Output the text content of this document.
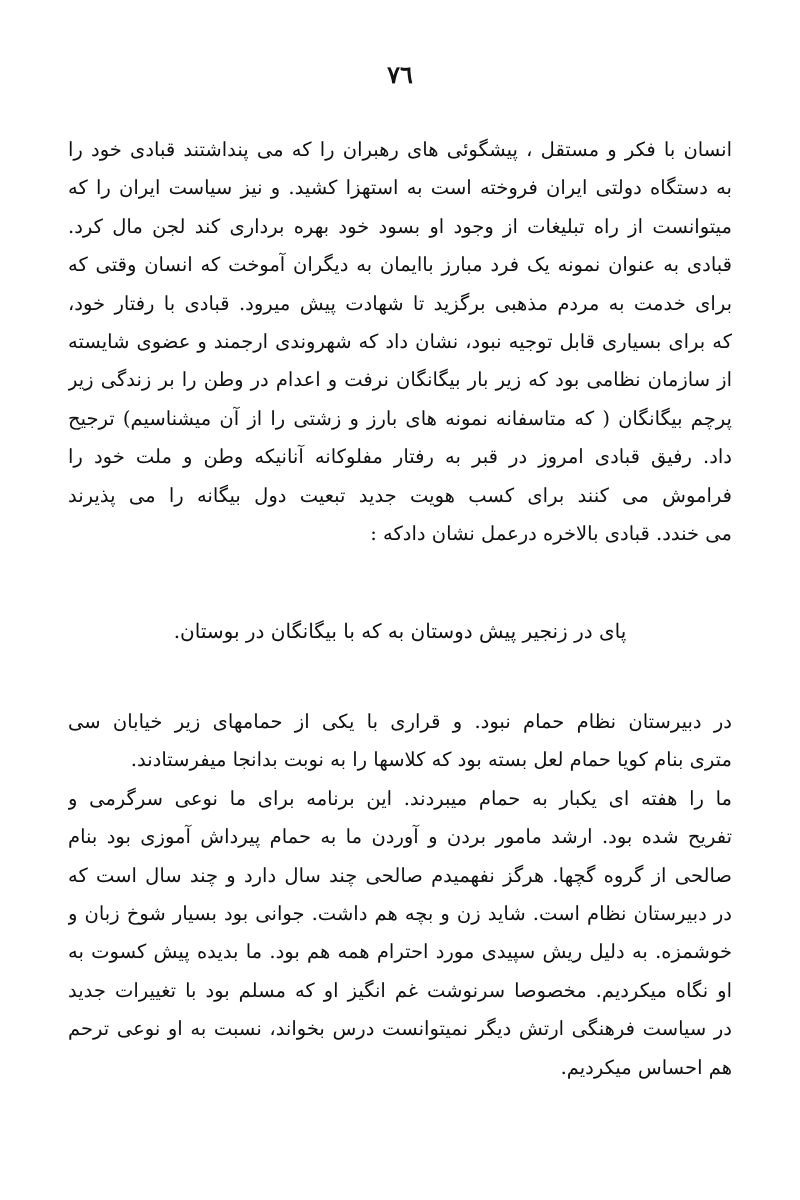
٧٦
انسان با فکر و مستقل ، پیشگوئی های رهبران را که می پنداشتند قبادی خود را
به دستگاه دولتی ایران فروخته است به استهزا کشید. و نیز سیاست ایران را که
میتوانست از راه تبلیغات از وجود او بسود خود بهره برداری کند لجن مال کرد.
قبادی به عنوان نمونه یک فرد مبارز باایمان به دیگران آموخت که انسان وقتی که
برای خدمت به مردم مذهبی برگزید تا شهادت پیش میرود. قبادی با رفتار خود،
که برای بسیاری قابل توجیه نبود، نشان داد که شهروندی ارجمند و عضوی شایسته
از سازمان نظامی بود که زیر بار بیگانگان نرفت و اعدام در وطن را بر زندگی زیر
پرچم بیگانگان ( که متاسفانه نمونه های بارز و زشتی را از آن میشناسیم) ترجیح
داد. رفیق قبادی امروز در قبر به رفتار مفلوکانه آنانیکه وطن و ملت خود را
فراموش می کنند برای کسب هویت جدید تبعیت دول بیگانه را می پذیرند
می خندد. قبادی بالاخره درعمل نشان دادکه :
پای در زنجیر پیش دوستان به که با بیگانگان در بوستان.
در دبیرستان نظام حمام نبود. و قراری با یکی از حمامهای زیر خیابان سی
متری بنام کویا حمام لعل بسته بود که کلاسها را به نوبت بدانجا میفرستادند.
ما را هفته ای یکبار به حمام میبردند. این برنامه برای ما نوعی سرگرمی و
تفریح شده بود. ارشد مامور بردن و آوردن ما به حمام پیرداش آموزی بود بنام
صالحی از گروه گچها. هرگز نفهمیدم صالحی چند سال دارد و چند سال است که
در دبیرستان نظام است. شاید زن و بچه هم داشت. جوانی بود بسیار شوخ زبان و
خوشمزه. به دلیل ریش سپیدی مورد احترام همه هم بود. ما بدیده پیش کسوت به
او نگاه میکردیم. مخصوصا سرنوشت غم انگیز او که مسلم بود با تغییرات جدید
در سیاست فرهنگی ارتش دیگر نمیتوانست درس بخواند، نسبت به او نوعی ترحم
هم احساس میکردیم.
